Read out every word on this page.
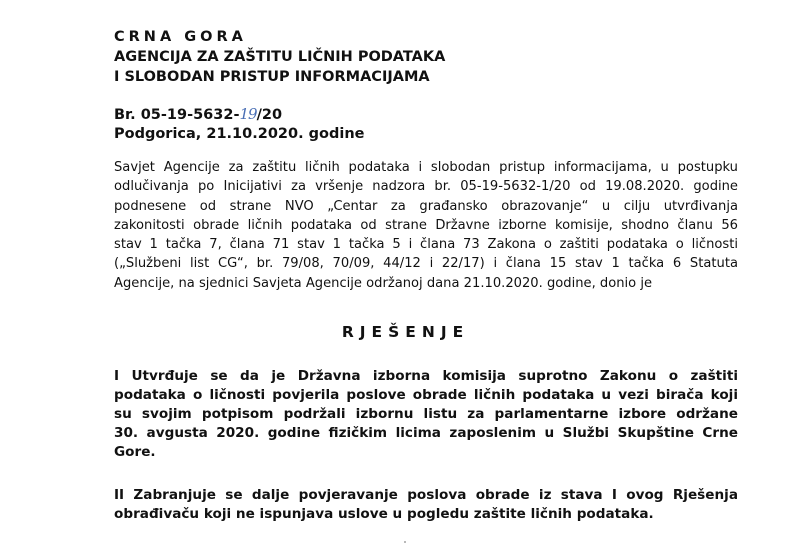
CRNA GORA
AGENCIJA ZA ZAŠTITU LIČNIH PODATAKA
I SLOBODAN PRISTUP INFORMACIJAMA
Br. 05-19-5632-19/20
Podgorica, 21.10.2020. godine
Savjet Agencije za zaštitu ličnih podataka i slobodan pristup informacijama, u postupku
odlučivanja po Inicijativi za vršenje nadzora br. 05-19-5632-1/20 od 19.08.2020. godine
podnesene od strane NVO „Centar za građansko obrazovanje“ u cilju utvrđivanja
zakonitosti obrade ličnih podataka od strane Državne izborne komisije, shodno članu 56
stav 1 tačka 7, člana 71 stav 1 tačka 5 i člana 73 Zakona o zaštiti podataka o ličnosti
(„Službeni list CG“, br. 79/08, 70/09, 44/12 i 22/17) i člana 15 stav 1 tačka 6 Statuta
Agencije, na sjednici Savjeta Agencije održanoj dana 21.10.2020. godine, donio je
RJEŠENJE
I Utvrđuje se da je Državna izborna komisija suprotno Zakonu o zaštiti
podataka o ličnosti povjerila poslove obrade ličnih podataka u vezi birača koji
su svojim potpisom podržali izbornu listu za parlamentarne izbore održane
30. avgusta 2020. godine fizičkim licima zaposlenim u Službi Skupštine Crne
Gore.
II Zabranjuje se dalje povjeravanje poslova obrade iz stava I ovog Rješenja
obrađivaču koji ne ispunjava uslove u pogledu zaštite ličnih podataka.
